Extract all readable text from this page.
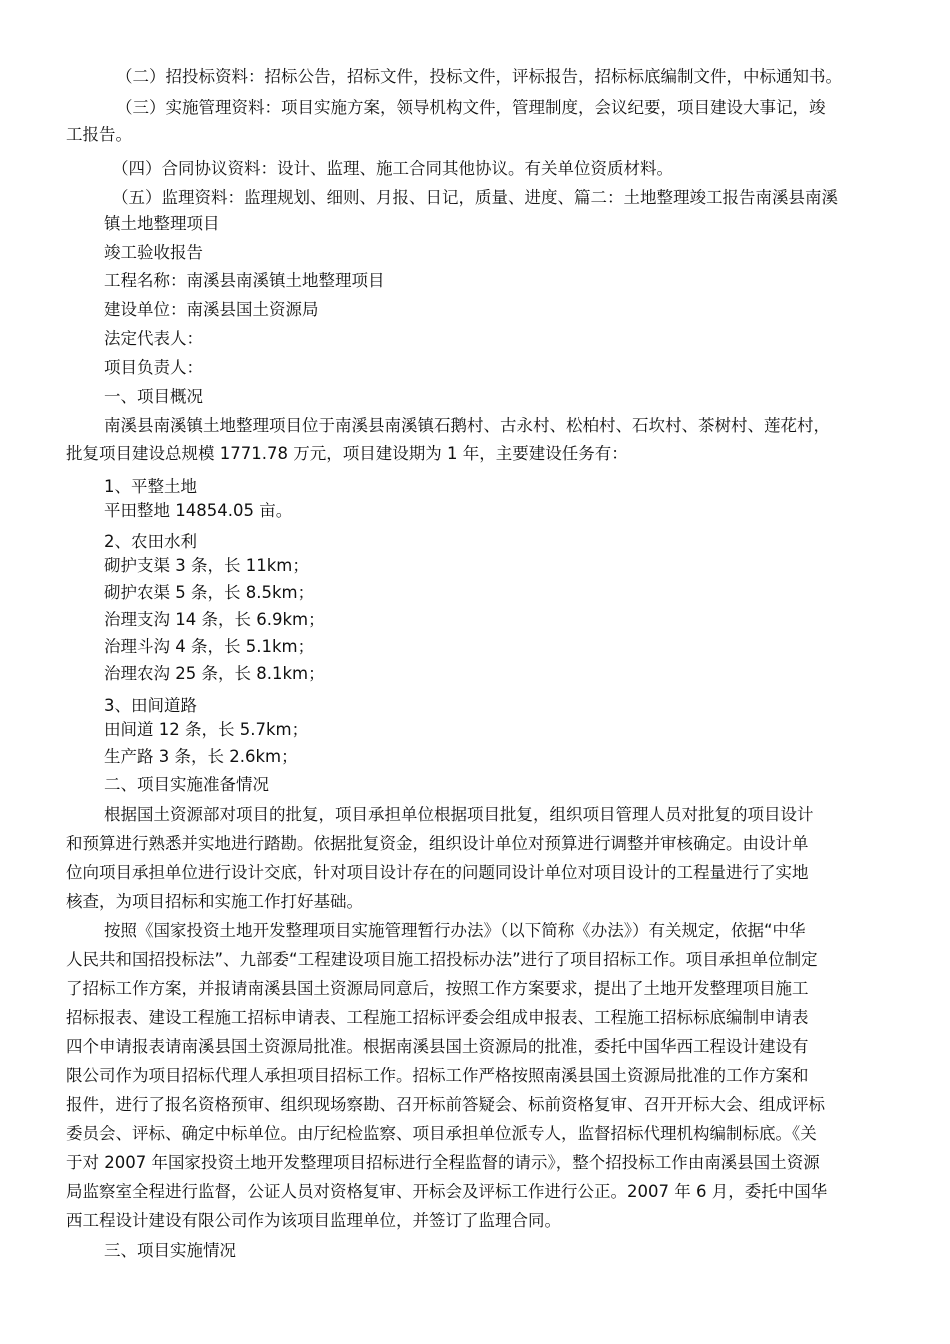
（二）招投标资料：招标公告，招标文件，投标文件，评标报告，招标标底编制文件，中标通知书。
（三）实施管理资料：项目实施方案，领导机构文件，管理制度，会议纪要，项目建设大事记，竣
工报告。
（四）合同协议资料：设计、监理、施工合同其他协议。有关单位资质材料。
（五）监理资料：监理规划、细则、月报、日记，质量、进度、篇二：土地整理竣工报告南溪县南溪
镇土地整理项目
竣工验收报告
工程名称：南溪县南溪镇土地整理项目
建设单位：南溪县国土资源局
法定代表人：
项目负责人：
一、项目概况
南溪县南溪镇土地整理项目位于南溪县南溪镇石鹅村、古永村、松柏村、石坎村、茶树村、莲花村，
批复项目建设总规模 1771.78 万元，项目建设期为 1 年，主要建设任务有：
1、平整土地
平田整地 14854.05 亩。
2、农田水利
砌护支渠 3 条，长 11km；
砌护农渠 5 条，长 8.5km；
治理支沟 14 条，长 6.9km；
治理斗沟 4 条，长 5.1km；
治理农沟 25 条，长 8.1km；
3、田间道路
田间道 12 条，长 5.7km；
生产路 3 条，长 2.6km；
二、项目实施准备情况
根据国土资源部对项目的批复，项目承担单位根据项目批复，组织项目管理人员对批复的项目设计
和预算进行熟悉并实地进行踏勘。依据批复资金，组织设计单位对预算进行调整并审核确定。由设计单
位向项目承担单位进行设计交底，针对项目设计存在的问题同设计单位对项目设计的工程量进行了实地
核查，为项目招标和实施工作打好基础。
按照《国家投资土地开发整理项目实施管理暂行办法》（以下简称《办法》）有关规定，依据“中华
人民共和国招投标法”、九部委“工程建设项目施工招投标办法”进行了项目招标工作。项目承担单位制定
了招标工作方案，并报请南溪县国土资源局同意后，按照工作方案要求，提出了土地开发整理项目施工
招标报表、建设工程施工招标申请表、工程施工招标评委会组成申报表、工程施工招标标底编制申请表
四个申请报表请南溪县国土资源局批准。根据南溪县国土资源局的批准，委托中国华西工程设计建设有
限公司作为项目招标代理人承担项目招标工作。招标工作严格按照南溪县国土资源局批准的工作方案和
报件，进行了报名资格预审、组织现场察勘、召开标前答疑会、标前资格复审、召开开标大会、组成评标
委员会、评标、确定中标单位。由厅纪检监察、项目承担单位派专人，监督招标代理机构编制标底。《关
于对 2007 年国家投资土地开发整理项目招标进行全程监督的请示》，整个招投标工作由南溪县国土资源
局监察室全程进行监督，公证人员对资格复审、开标会及评标工作进行公正。2007 年 6 月，委托中国华
西工程设计建设有限公司作为该项目监理单位，并签订了监理合同。
三、项目实施情况
